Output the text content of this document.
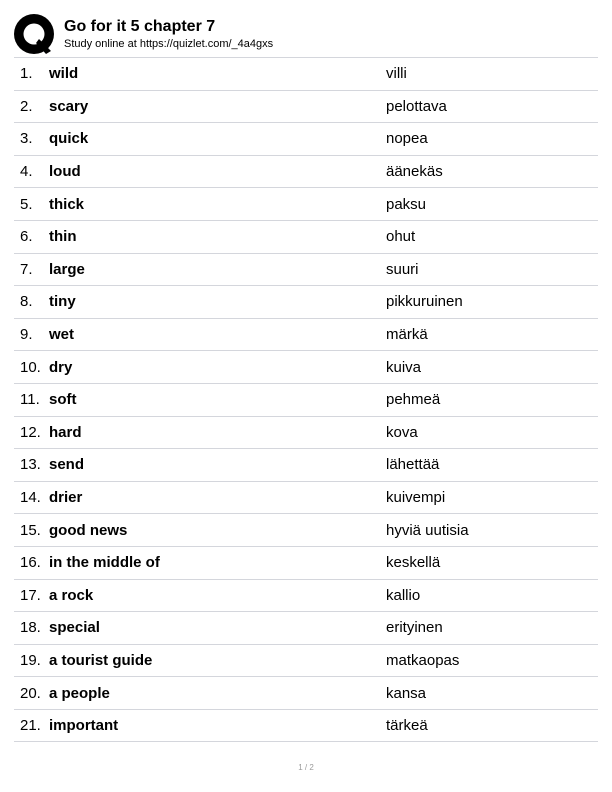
Go for it 5 chapter 7
Study online at https://quizlet.com/_4a4gxs
1.	wild	villi
2.	scary	pelottava
3.	quick	nopea
4.	loud	äänekäs
5.	thick	paksu
6.	thin	ohut
7.	large	suuri
8.	tiny	pikkuruinen
9.	wet	märkä
10. dry	kuiva
11. soft	pehmeä
12. hard	kova
13. send	lähettää
14. drier	kuivempi
15. good news	hyviä uutisia
16. in the middle of	keskellä
17. a rock	kallio
18. special	erityinen
19. a tourist guide	matkaopas
20. a people	kansa
21. important	tärkeä
1 / 2
